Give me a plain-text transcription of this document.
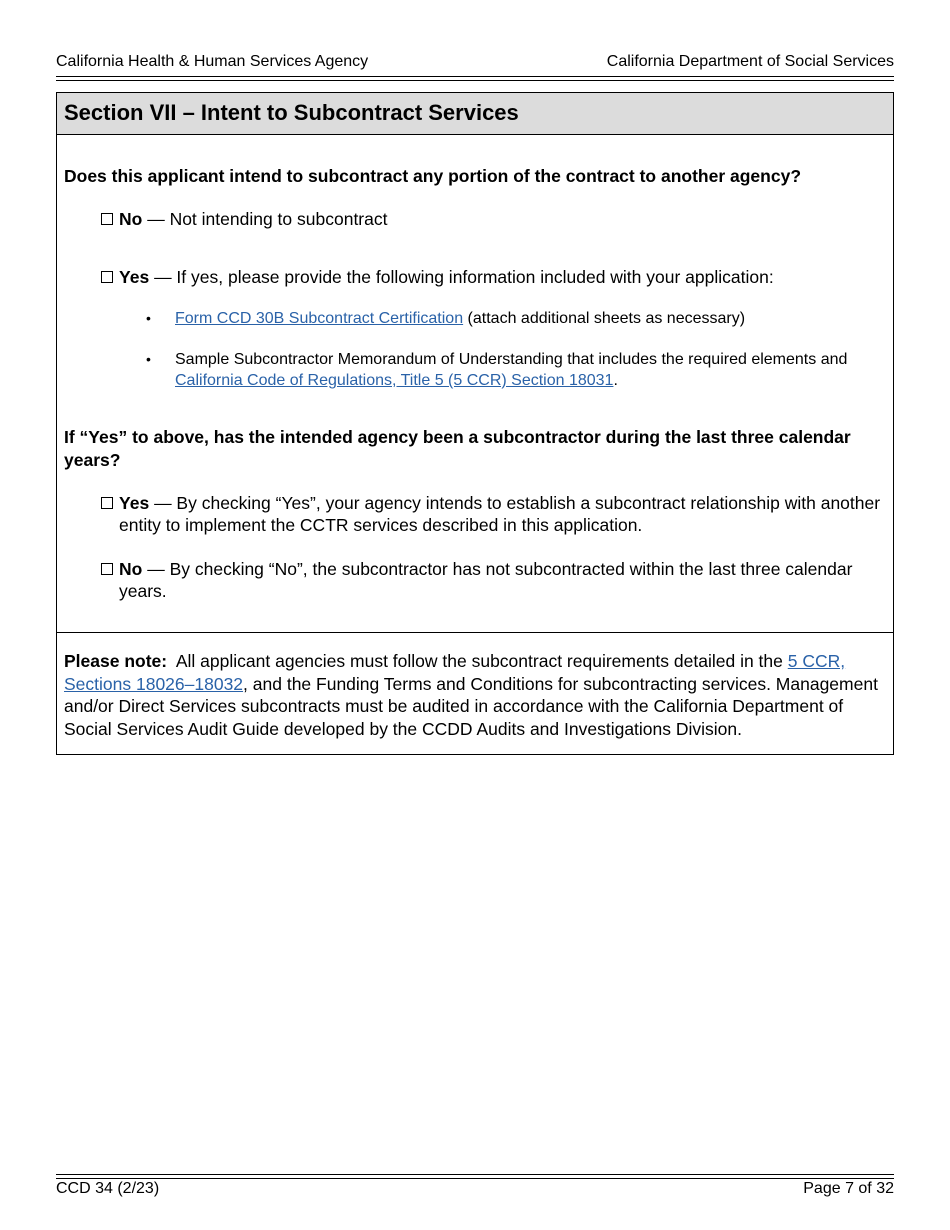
California Health & Human Services Agency	California Department of Social Services
Section VII – Intent to Subcontract Services

Does this applicant intend to subcontract any portion of the contract to another agency?

No — Not intending to subcontract
Yes — If yes, please provide the following information included with your application:
• Form CCD 30B Subcontract Certification (attach additional sheets as necessary)
• Sample Subcontractor Memorandum of Understanding that includes the required elements and California Code of Regulations, Title 5 (5 CCR) Section 18031.

If “Yes” to above, has the intended agency been a subcontractor during the last three calendar years?

Yes — By checking “Yes”, your agency intends to establish a subcontract relationship with another entity to implement the CCTR services described in this application.
No — By checking “No”, the subcontractor has not subcontracted within the last three calendar years.
Please note: All applicant agencies must follow the subcontract requirements detailed in the 5 CCR, Sections 18026–18032, and the Funding Terms and Conditions for subcontracting services. Management and/or Direct Services subcontracts must be audited in accordance with the California Department of Social Services Audit Guide developed by the CCDD Audits and Investigations Division.
CCD 34 (2/23)	Page 7 of 32
